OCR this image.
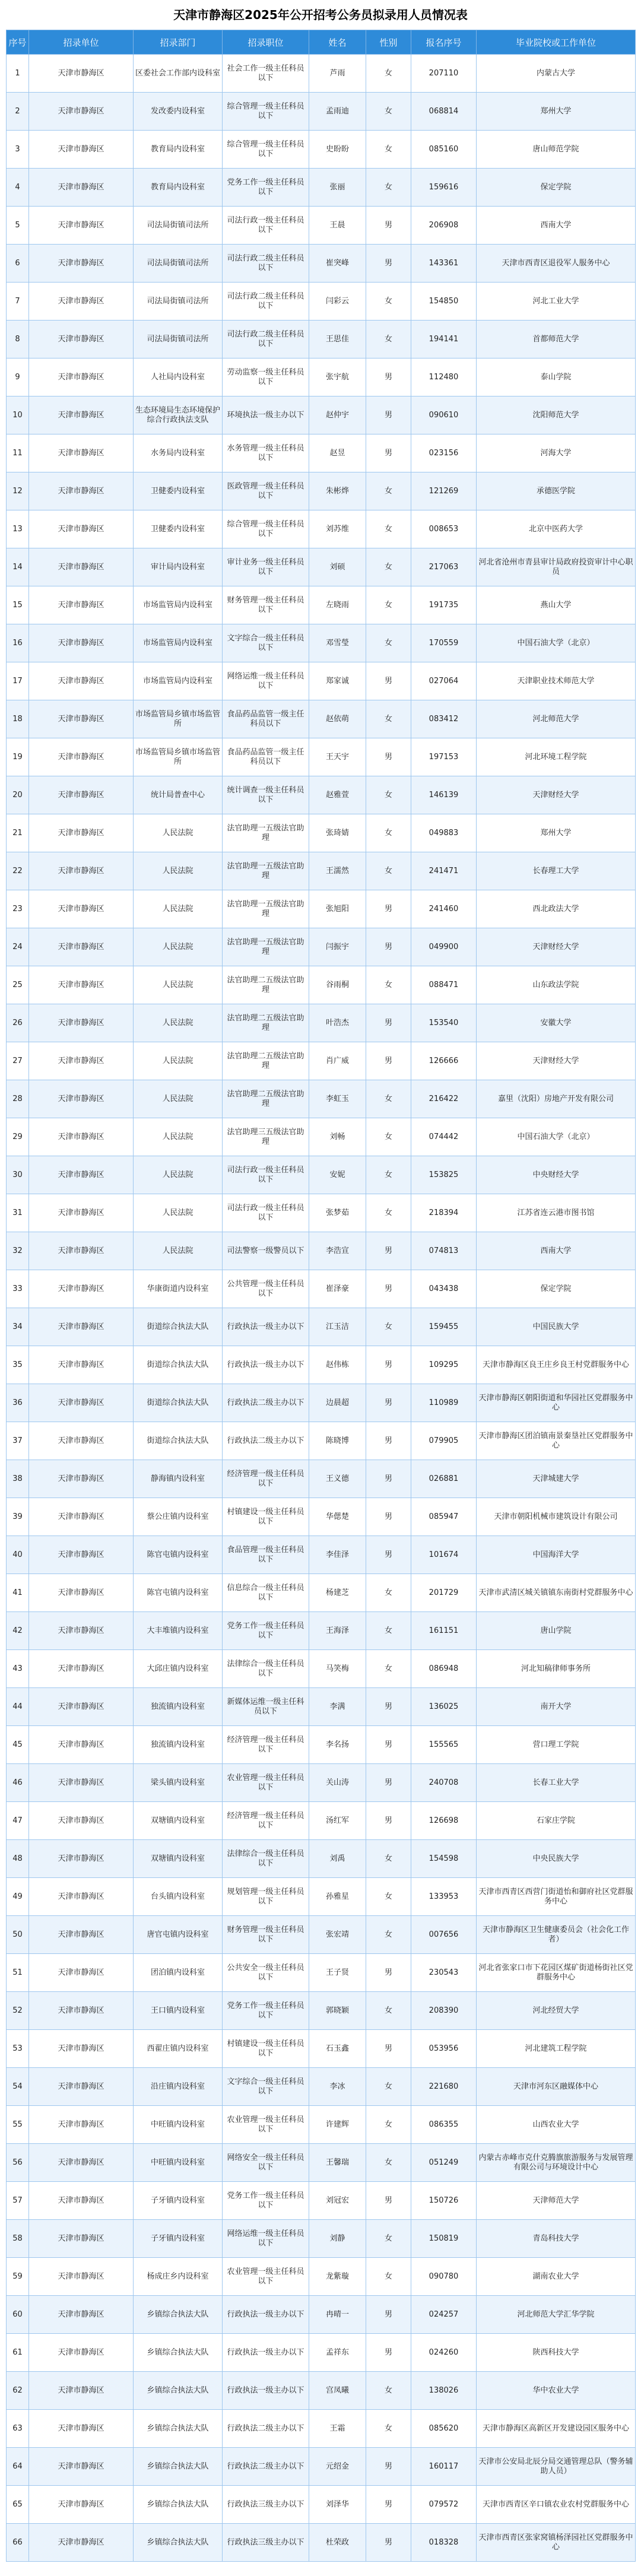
天津市静海区2025年公开招考公务员拟录用人员情况表
序号	招录单位	招录部门	招录职位	姓名	性别	报名序号	毕业院校或工作单位
1	天津市静海区	区委社会工作部内设科室	社会工作一级主任科员以下	芦雨	女	207110	内蒙古大学
2	天津市静海区	发改委内设科室	综合管理一级主任科员以下	孟雨迪	女	068814	郑州大学
3	天津市静海区	教育局内设科室	综合管理一级主任科员以下	史盼盼	女	085160	唐山师范学院
4	天津市静海区	教育局内设科室	党务工作一级主任科员以下	张丽	女	159616	保定学院
5	天津市静海区	司法局街镇司法所	司法行政一级主任科员以下	王晨	男	206908	西南大学
6	天津市静海区	司法局街镇司法所	司法行政二级主任科员以下	崔突峰	男	143361	天津市西青区退役军人服务中心
7	天津市静海区	司法局街镇司法所	司法行政二级主任科员以下	闫彩云	女	154850	河北工业大学
8	天津市静海区	司法局街镇司法所	司法行政二级主任科员以下	王思佳	女	194141	首都师范大学
9	天津市静海区	人社局内设科室	劳动监察一级主任科员以下	张宇航	男	112480	泰山学院
10	天津市静海区	生态环境局生态环境保护综合行政执法支队	环境执法一级主办以下	赵仲宇	男	090610	沈阳师范大学
11	天津市静海区	水务局内设科室	水务管理一级主任科员以下	赵昱	男	023156	河海大学
12	天津市静海区	卫健委内设科室	医政管理一级主任科员以下	朱彬烨	女	121269	承德医学院
13	天津市静海区	卫健委内设科室	综合管理一级主任科员以下	刘苏维	女	008653	北京中医药大学
14	天津市静海区	审计局内设科室	审计业务一级主任科员以下	刘硕	女	217063	河北省沧州市青县审计局政府投资审计中心职员
15	天津市静海区	市场监管局内设科室	财务管理一级主任科员以下	左晓雨	女	191735	燕山大学
16	天津市静海区	市场监管局内设科室	文字综合一级主任科员以下	邓雪瑩	女	170559	中国石油大学（北京）
17	天津市静海区	市场监管局内设科室	网络运维一级主任科员以下	郑家诚	男	027064	天津职业技术师范大学
18	天津市静海区	市场监管局乡镇市场监管所	食品药品监管一级主任科员以下	赵依萌	女	083412	河北师范大学
19	天津市静海区	市场监管局乡镇市场监管所	食品药品监管一级主任科员以下	王天宇	男	197153	河北环境工程学院
20	天津市静海区	统计局普查中心	统计调查一级主任科员以下	赵雅萱	女	146139	天津财经大学
21	天津市静海区	人民法院	法官助理一五级法官助理	张琦婧	女	049883	郑州大学
22	天津市静海区	人民法院	法官助理一五级法官助理	王濡然	女	241471	长春理工大学
23	天津市静海区	人民法院	法官助理一五级法官助理	张旭阳	男	241460	西北政法大学
24	天津市静海区	人民法院	法官助理一五级法官助理	闫振宇	男	049900	天津财经大学
25	天津市静海区	人民法院	法官助理二五级法官助理	谷雨桐	女	088471	山东政法学院
26	天津市静海区	人民法院	法官助理二五级法官助理	叶浩杰	男	153540	安徽大学
27	天津市静海区	人民法院	法官助理二五级法官助理	肖广威	男	126666	天津财经大学
28	天津市静海区	人民法院	法官助理二五级法官助理	李虹玉	女	216422	嘉里（沈阳）房地产开发有限公司
29	天津市静海区	人民法院	法官助理三五级法官助理	刘畅	女	074442	中国石油大学（北京）
30	天津市静海区	人民法院	司法行政一级主任科员以下	安妮	女	153825	中央财经大学
31	天津市静海区	人民法院	司法行政一级主任科员以下	张梦茹	女	218394	江苏省连云港市图书馆
32	天津市静海区	人民法院	司法警察一级警员以下	李浩宣	男	074813	西南大学
33	天津市静海区	华康街道内设科室	公共管理一级主任科员以下	崔泽豪	男	043438	保定学院
34	天津市静海区	街道综合执法大队	行政执法一级主办以下	江玉洁	女	159455	中国民族大学
35	天津市静海区	街道综合执法大队	行政执法一级主办以下	赵伟栋	男	109295	天津市静海区良王庄乡良王村党群服务中心
36	天津市静海区	街道综合执法大队	行政执法二级主办以下	边晨超	男	110989	天津市静海区朝阳街道和华园社区党群服务中心
37	天津市静海区	街道综合执法大队	行政执法二级主办以下	陈晓博	男	079905	天津市静海区团泊镇南景秦垦社区党群服务中心
38	天津市静海区	静海镇内设科室	经济管理一级主任科员以下	王义德	男	026881	天津城建大学
39	天津市静海区	蔡公庄镇内设科室	村镇建设一级主任科员以下	华偲楚	男	085947	天津市朝阳机械市建筑设计有限公司
40	天津市静海区	陈官屯镇内设科室	食品管理一级主任科员以下	李佳泽	男	101674	中国海洋大学
41	天津市静海区	陈官屯镇内设科室	信息综合一级主任科员以下	杨建芝	女	201729	天津市武清区城关镇镇东南街村党群服务中心
42	天津市静海区	大丰堆镇内设科室	党务工作一级主任科员以下	王海泽	女	161151	唐山学院
43	天津市静海区	大邱庄镇内设科室	法律综合一级主任科员以下	马笑梅	女	086948	河北知稿律师事务所
44	天津市静海区	独流镇内设科室	新媒体运维一级主任科员以下	李满	男	136025	南开大学
45	天津市静海区	独流镇内设科室	经济管理一级主任科员以下	李名扬	男	155565	营口理工学院
46	天津市静海区	梁头镇内设科室	农业管理一级主任科员以下	关山涛	男	240708	长春工业大学
47	天津市静海区	双塘镇内设科室	经济管理一级主任科员以下	汤红军	男	126698	石家庄学院
48	天津市静海区	双塘镇内设科室	法律综合一级主任科员以下	刘禹	女	154598	中央民族大学
49	天津市静海区	台头镇内设科室	规划管理一级主任科员以下	孙雅星	女	133953	天津市西青区西营门街道怡和御府社区党群服务中心
50	天津市静海区	唐官屯镇内设科室	财务管理一级主任科员以下	张宏靖	女	007656	天津市静海区卫生健康委员会（社会化工作者）
51	天津市静海区	团泊镇内设科室	公共安全一级主任科员以下	王子贤	男	230543	河北省张家口市下花园区煤矿街道杨街社区党群服务中心
52	天津市静海区	王口镇内设科室	党务工作一级主任科员以下	郭晓颖	女	208390	河北经贸大学
53	天津市静海区	西翟庄镇内设科室	村镇建设一级主任科员以下	石玉鑫	男	053956	河北建筑工程学院
54	天津市静海区	沿庄镇内设科室	文字综合一级主任科员以下	李冰	女	221680	天津市河东区融媒体中心
55	天津市静海区	中旺镇内设科室	农业管理一级主任科员以下	许建辉	女	086355	山西农业大学
56	天津市静海区	中旺镇内设科室	网络安全一级主任科员以下	王馨瑞	女	051249	内蒙古赤峰市克什克腾旗旅游服务与发展管理有限公司与环境设计中心
57	天津市静海区	子牙镇内设科室	党务工作一级主任科员以下	刘冠宏	男	150726	天津师范大学
58	天津市静海区	子牙镇内设科室	网络运维一级主任科员以下	刘静	女	150819	青岛科技大学
59	天津市静海区	杨成庄乡内设科室	农业管理一级主任科员以下	龙紫璇	女	090780	湖南农业大学
60	天津市静海区	乡镇综合执法大队	行政执法一级主办以下	冉晴一	男	024257	河北师范大学汇华学院
61	天津市静海区	乡镇综合执法大队	行政执法一级主办以下	孟祥东	男	024260	陕西科技大学
62	天津市静海区	乡镇综合执法大队	行政执法一级主办以下	宫凤曦	女	138026	华中农业大学
63	天津市静海区	乡镇综合执法大队	行政执法二级主办以下	王霜	女	085620	天津市静海区高新区开发建设园区服务中心
64	天津市静海区	乡镇综合执法大队	行政执法二级主办以下	元绍金	男	160117	天津市公安局北辰分局交通管理总队（警务辅助人员）
65	天津市静海区	乡镇综合执法大队	行政执法三级主办以下	刘泽华	男	079572	天津市西青区辛口镇农业农村党群服务中心
66	天津市静海区	乡镇综合执法大队	行政执法三级主办以下	杜荣政	男	018328	天津市西青区张家窝镇杨泽园社区党群服务中心
